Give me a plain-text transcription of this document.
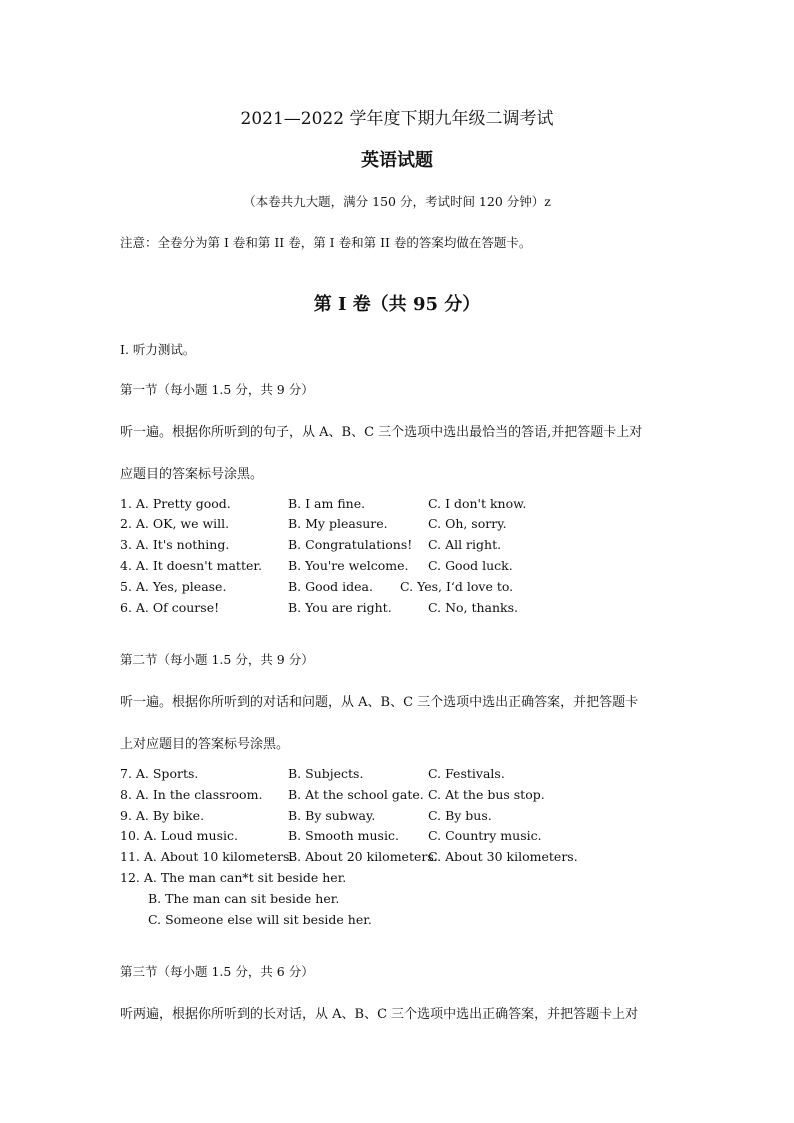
2021—2022 学年度下期九年级二调考试
英语试题
（本卷共九大题，满分 150 分，考试时间 120 分钟）z
注意：全卷分为第 I 卷和第 II 卷，第 I 卷和第 II 卷的答案均做在答题卡。
第 I 卷（共 95 分）
I. 听力测试。
第一节（每小题 1.5 分，共 9 分）
听一遍。根据你所听到的句子，从 A、B、C 三个选项中选出最恰当的答语,并把答题卡上对
应题目的答案标号涂黑。
1. A. Pretty good.	B. I am fine.	C. I don't know.
2. A. OK, we will.	B. My pleasure.	C. Oh, sorry.
3. A. It's nothing.	B. Congratulations! C. All right.
4. A. It doesn't matter. B. You're welcome. C. Good luck.
5. A. Yes, please.	B. Good idea. C. Yes, I‘d love to.
6. A. Of course!	B. You are right.	C. No, thanks.
第二节（每小题 1.5 分，共 9 分）
听一遍。根据你所听到的对话和问题，从 A、B、C 三个选项中选出正确答案，并把答题卡
上对应题目的答案标号涂黑。
7. A. Sports.	B. Subjects.	C. Festivals.
8. A. In the classroom. B. At the school gate. C. At the bus stop.
9. A. By bike.	B. By subway.	C. By bus.
10. A. Loud music.	B. Smooth music. C. Country music.
11. A. About 10 kilometers.
B. About 20 kilometers.
C. About 30 kilometers.
12. A. The man can*t sit beside her.
B. The man can sit beside her.
C. Someone else will sit beside her.
第三节（每小题 1.5 分，共 6 分）
听两遍，根据你所听到的长对话，从 A、B、C 三个选项中选出正确答案，并把答题卡上对
